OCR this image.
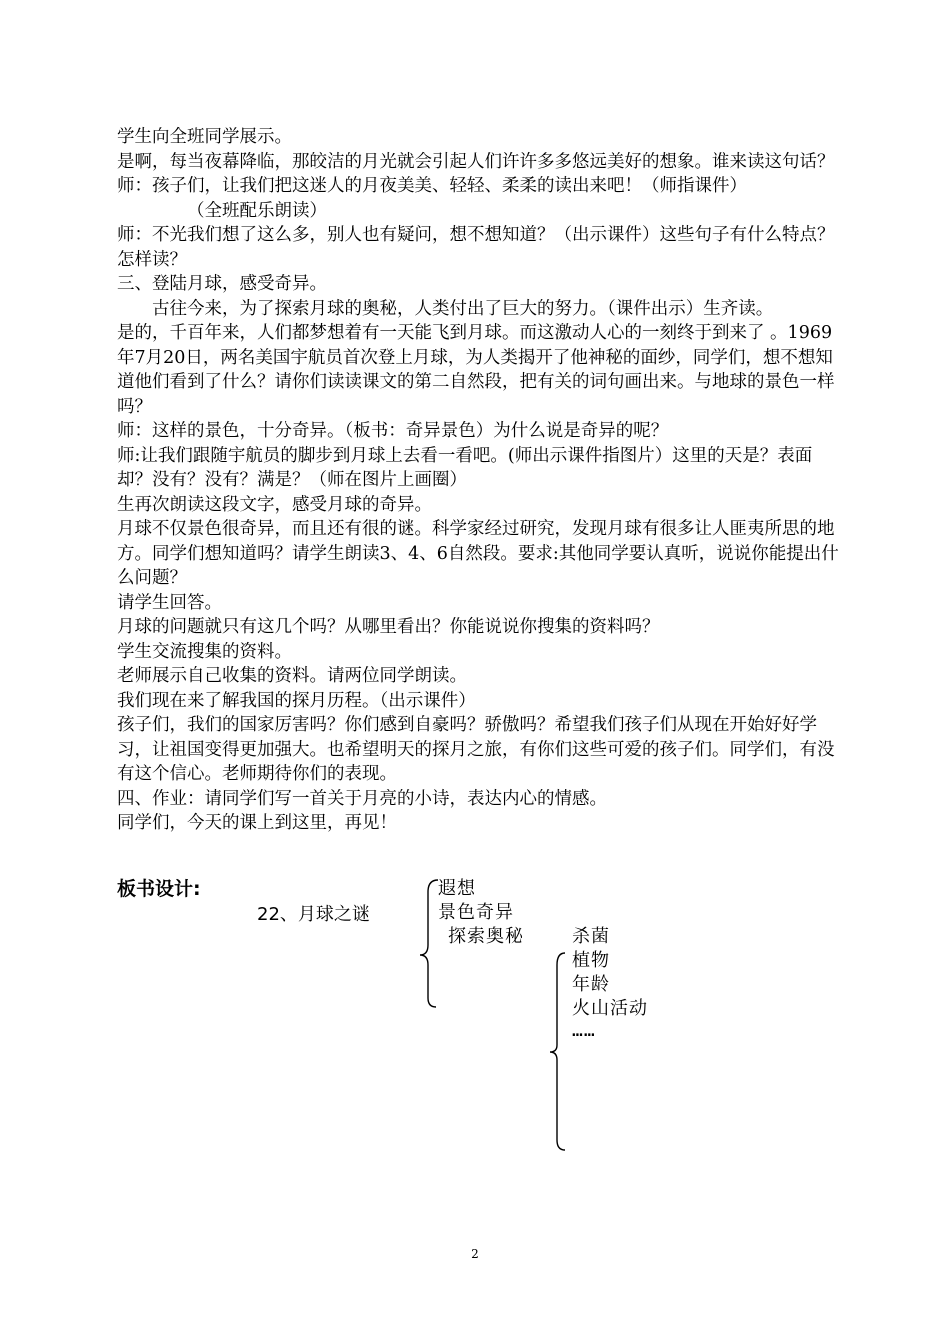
学生向全班同学展示。

是啊，每当夜幕降临，那皎洁的月光就会引起人们许许多多悠远美好的想象。谁来读这句话？

师：孩子们，让我们把这迷人的月夜美美、轻轻、柔柔的读出来吧！（师指课件）

（全班配乐朗读）

师：不光我们想了这么多，别人也有疑问，想不想知道？（出示课件）这些句子有什么特点？怎样读？

三、登陆月球，感受奇异。

古往今来，为了探索月球的奥秘，人类付出了巨大的努力。（课件出示）生齐读。

是的，千百年来，人们都梦想着有一天能飞到月球。而这激动人心的一刻终于到来了 。1969年7月20日，两名美国宇航员首次登上月球，为人类揭开了他神秘的面纱，同学们，想不想知道他们看到了什么？请你们读读课文的第二自然段，把有关的词句画出来。与地球的景色一样吗？

师：这样的景色，十分奇异。（板书：奇异景色）为什么说是奇异的呢？

师:让我们跟随宇航员的脚步到月球上去看一看吧。(师出示课件指图片）这里的天是？表面却？没有？没有？满是？（师在图片上画圈）

生再次朗读这段文字，感受月球的奇异。

月球不仅景色很奇异，而且还有很的谜。科学家经过研究，发现月球有很多让人匪夷所思的地方。同学们想知道吗？请学生朗读3、4、6自然段。要求:其他同学要认真听，说说你能提出什么问题？

请学生回答。

月球的问题就只有这几个吗？从哪里看出？你能说说你搜集的资料吗？

学生交流搜集的资料。

老师展示自己收集的资料。请两位同学朗读。

我们现在来了解我国的探月历程。（出示课件）

孩子们，我们的国家厉害吗？你们感到自豪吗？骄傲吗？希望我们孩子们从现在开始好好学习，让祖国变得更加强大。也希望明天的探月之旅，有你们这些可爱的孩子们。同学们，有没有这个信心。老师期待你们的表现。

四、作业：请同学们写一首关于月亮的小诗，表达内心的情感。

同学们，今天的课上到这里，再见！

板书设计:
22、月球之谜
遐想
景色奇异
探索奥秘	杀菌
植物
年龄
火山活动
……
2
